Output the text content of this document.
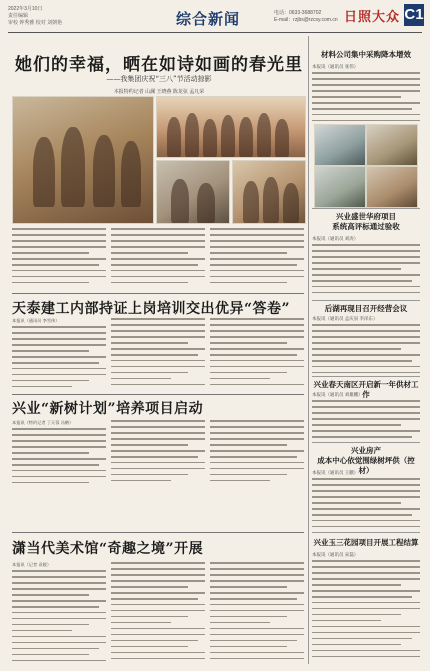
2022年3月10日
责任编辑
审校 钟秀雅 校对 刘朝艳	综合新闻	电话：0633-3688702
E-mail：rzjbs@rzcsy.com.cn 日照大众 C1
她们的幸福，晒在如诗如画的春光里
——我集团庆祝“三八”节活动掠影
本报特约记者 山澜 王晓燕 陈龙弦 孟凡荣
天泰建工内部持证上岗培训交出优异“答卷”
本报讯（通讯员 李雪伟）
兴业“新树计划”培养项目启动
本报讯（特约记者 丁天蓉 冯鹤）
潇当代美术馆“奇趣之境”开展
本报讯（记者 袁媛）
材料公司集中采购降本增效
本报讯（通讯员 张伟）
兴业盛世华府项目
系统高评标通过验收
本报讯（通讯员 刘涛）
后湖再现目召开经营会议
本报讯（通讯员 孟庆泉 李泽东）
兴业春天南区开启新一年供材工作
本报讯（通讯员 刘雄鹏）
兴业房产
成本中心依觉围绿树坪供（控材）
本报讯（通讯员 王鹏）
兴业玉三花园项目开展工程结算
本报讯（通讯员 宋磊）
